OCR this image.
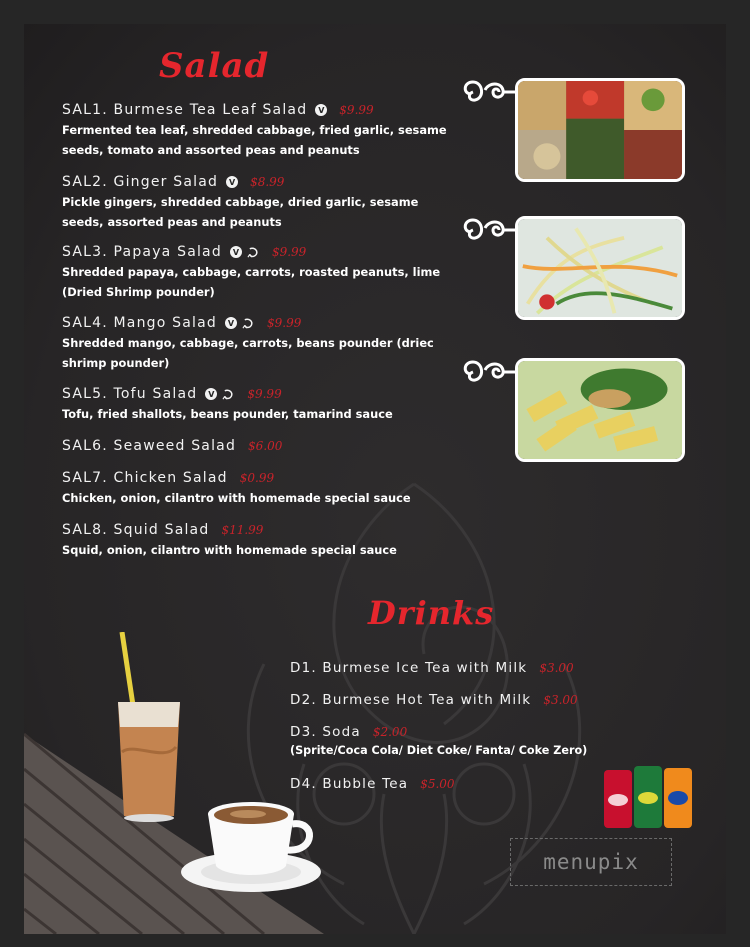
Salad
SAL1. Burmese Tea Leaf Salad	V $9.99
Fermented tea leaf, shredded cabbage, fried garlic, sesame
seeds, tomato and assorted peas and peanuts
SAL2. Ginger Salad	V $8.99
Pickle gingers, shredded cabbage, dried garlic, sesame
seeds, assorted peas and peanuts
SAL3. Papaya Salad	V	$9.99
Shredded papaya, cabbage, carrots, roasted peanuts, lime
(Dried Shrimp pounder)
SAL4. Mango Salad	V	$9.99
Shredded mango, cabbage, carrots, beans pounder (driec
shrimp pounder)
SAL5. Tofu Salad	V	$9.99
Tofu, fried shallots, beans pounder, tamarind sauce
SAL6. Seaweed Salad $6.00
SAL7. Chicken Salad $0.99
Chicken, onion, cilantro with homemade special sauce
SAL8. Squid Salad $11.99
Squid, onion, cilantro with homemade special sauce
Drinks
D1. Burmese Ice Tea with Milk $3.00
D2. Burmese Hot Tea with Milk $3.00
D3. Soda $2.00
(Sprite/Coca Cola/ Diet Coke/ Fanta/ Coke Zero)
D4. Bubble Tea $5.00
menupix
